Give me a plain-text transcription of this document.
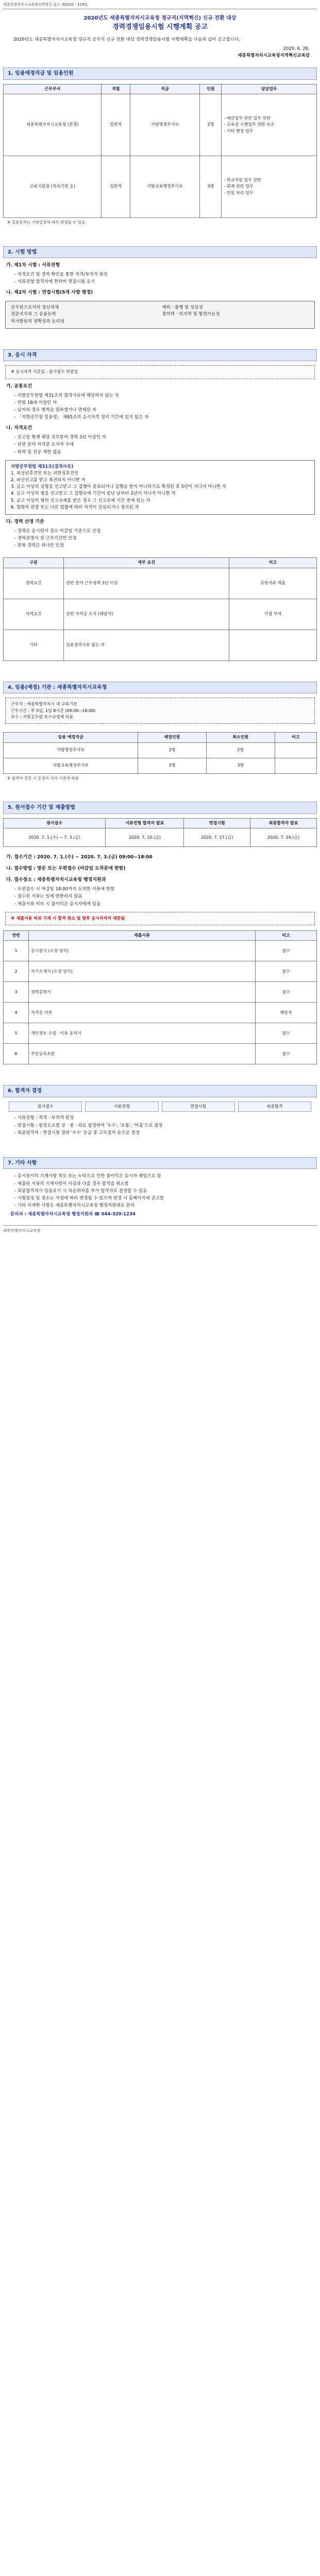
세종특별자치시교육청지역혁신 공고 제2020 - 118호
2020년도 세종특별자치시교육청 정규직(지역혁신) 신규 전환 대상
경력경쟁임용시험 시행계획 공고

2020년도 세종특별자치시교육청 정규직 공무직 신규 전환 대상 경력경쟁임용시험 시행계획을 다음과 같이 공고합니다.

2020. 6. 26.

세종특별자치시교육청지역혁신교육감

1. 임용예정직급 및 임용인원
근무부서	직렬	직급	인원	담당업무
세종특별자치시교육청 (본청)	일반직	지방행정주사보	2명	- 예산업무 관련 업무 전반
- 교육감 수행업무 전반 보조
- 기타 행정 업무
교육지원청 (직속기관 등)	일반직	지방교육행정주사보	3명	- 학교지원 업무 전반
- 회계 관련 업무
- 민원 처리 업무
※ 임용일자는 시험일정에 따라 변경될 수 있음.
2. 시험 방법
가. 제1차 시험 : 서류전형
- 자격요건 및 경력 확인을 통한 적격/부적격 판정
- 서류전형 합격자에 한하여 면접시험 응시
나. 제2차 시험 : 면접시험(5개 사항 평정)
공무원으로서의 정신자세
전문지식과 그 응용능력
의사발표의 정확성과 논리성
예의 · 품행 및 성실성
창의력 · 의지력 및 발전가능성
3. 응시 자격
※ 응시자격 기준일 : 원서접수 마감일
가. 공통요건
- 지방공무원법 제31조의 결격사유에 해당하지 않는 자
- 연령 18세 이상인 자
- 남자의 경우 병역을 필하였거나 면제된 자
- 「지방공무원 임용령」 제65조의 응시자격 정지 기간에 있지 않은 자
나. 자격요건
- 공고일 현재 해당 직무분야 경력 3년 이상인 자
- 관련 분야 자격증 소지자 우대
- 학력 및 전공 제한 없음
지방공무원법 제31조(결격사유)
1. 피성년후견인 또는 피한정후견인
2. 파산선고를 받고 복권되지 아니한 자
3. 금고 이상의 실형을 선고받고 그 집행이 종료되거나 집행을 받지 아니하기로 확정된 후 5년이 지나지 아니한 자
4. 금고 이상의 형을 선고받고 그 집행유예 기간이 끝난 날부터 2년이 지나지 아니한 자
5. 금고 이상의 형의 선고유예를 받은 경우 그 선고유예 기간 중에 있는 자
6. 법원의 판결 또는 다른 법률에 따라 자격이 상실되거나 정지된 자
다. 경력 산정 기준
- 경력은 응시원서 접수 마감일 기준으로 산정
- 경력증명서 상 근무기간만 인정
- 중복 경력은 하나만 인정
구분	세부 요건	비고
경력요건	관련 분야 근무경력 3년 이상	증빙서류 제출
자격요건	관련 자격증 소지 (해당자)	가점 부여
기타	임용결격사유 없는 자	
4. 임용(예정) 기관 : 세종특별자치시교육청
근무지 : 세종특별자치시 내 교육기관
근무시간 : 주 5일, 1일 8시간 (09:00~18:00)
보수 : 지방공무원 보수규정에 따름
임용 예정직급	배정인원	최소인원	비고
지방행정주사보	2명	2명	
지방교육행정주사보	3명	3명	
※ 합격자 결정 시 동점자 처리 기준에 따름
5. 원서접수 기간 및 제출방법
원서접수	서류전형 합격자 발표	면접시험	최종합격자 발표
2020. 7. 1.(수) ~ 7. 3.(금)	2020. 7. 10.(금)	2020. 7. 17.(금)	2020. 7. 24.(금)
가. 접수기간 : 2020. 7. 1.(수) ~ 2020. 7. 3.(금) 09:00~18:00
나. 접수방법 : 방문 또는 우편접수 (마감일 도착분에 한함)
다. 접수장소 : 세종특별자치시교육청 행정지원과
- 우편접수 시 마감일 18:00까지 도착한 서류에 한함
- 접수된 서류는 일체 반환하지 않음
- 제출서류 미비 시 불이익은 응시자에게 있음
※ 제출서류 허위 기재 시 합격 취소 및 향후 응시자격이 제한됨
연번	제출서류	비고
1	응시원서 (소정 양식)	필수
2	자기소개서 (소정 양식)	필수
3	경력증명서	필수
4	자격증 사본	해당자
5	개인정보 수집 · 이용 동의서	필수
6	주민등록초본	필수
6. 합격자 결정
원서접수	서류전형	면접시험	최종합격
- 서류전형 : 적격 · 부적격 판정
- 면접시험 : 평정요소별 상 · 중 · 하로 평정하여 '우수', '보통', '미흡'으로 결정
- 최종합격자 : 면접시험 결과 '우수' 등급 중 고득점자 순으로 결정
7. 기타 사항
- 응시원서의 기재사항 착오 또는 누락으로 인한 불이익은 응시자 책임으로 함
- 제출된 서류의 기재사항이 사실과 다를 경우 합격을 취소함
- 최종합격자가 임용포기 시 차순위자를 추가 합격자로 결정할 수 있음
- 시험일정 및 장소는 사정에 따라 변경될 수 있으며 변경 시 홈페이지에 공고함
- 기타 자세한 사항은 세종특별자치시교육청 행정지원과로 문의

문의처 : 세종특별자치시교육청 행정지원과 ☎ 044-320-1234

세종특별자치시교육청
